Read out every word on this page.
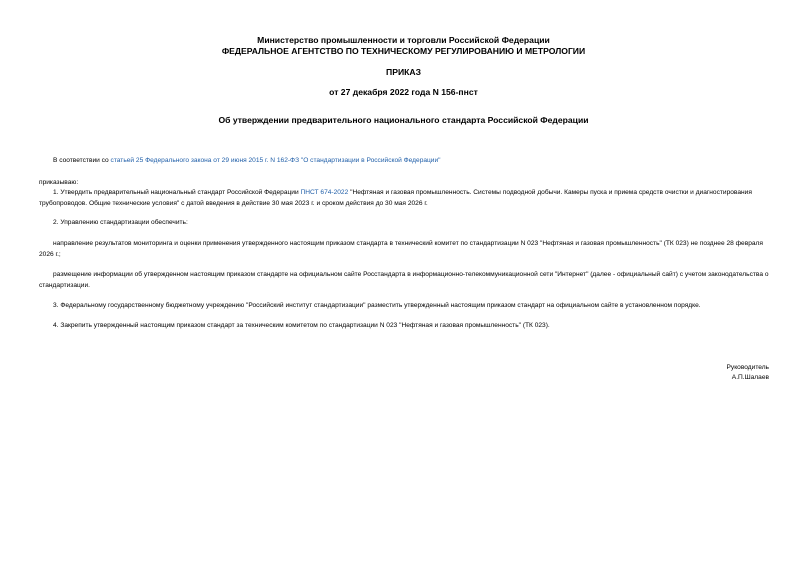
Министерство промышленности и торговли Российской Федерации
ФЕДЕРАЛЬНОЕ АГЕНТСТВО ПО ТЕХНИЧЕСКОМУ РЕГУЛИРОВАНИЮ И МЕТРОЛОГИИ
ПРИКАЗ
от 27 декабря 2022 года N 156-пнст
Об утверждении предварительного национального стандарта Российской Федерации
В соответствии со статьей 25 Федерального закона от 29 июня 2015 г. N 162-ФЗ "О стандартизации в Российской Федерации"
приказываю:
1. Утвердить предварительный национальный стандарт Российской Федерации ПНСТ 674-2022 "Нефтяная и газовая промышленность. Системы подводной добычи. Камеры пуска и приема средств очистки и диагностирования трубопроводов. Общие технические условия" с датой введения в действие 30 мая 2023 г. и сроком действия до 30 мая 2026 г.
2. Управлению стандартизации обеспечить:
направление результатов мониторинга и оценки применения утвержденного настоящим приказом стандарта в технический комитет по стандартизации N 023 "Нефтяная и газовая промышленность" (ТК 023) не позднее 28 февраля 2026 г.;
размещение информации об утвержденном настоящим приказом стандарте на официальном сайте Росстандарта в информационно-телекоммуникационной сети "Интернет" (далее - официальный сайт) с учетом законодательства о стандартизации.
3. Федеральному государственному бюджетному учреждению "Российский институт стандартизации" разместить утвержденный настоящим приказом стандарт на официальном сайте в установленном порядке.
4. Закрепить утвержденный настоящим приказом стандарт за техническим комитетом по стандартизации N 023 "Нефтяная и газовая промышленность" (ТК 023).
Руководитель
А.П.Шалаев
